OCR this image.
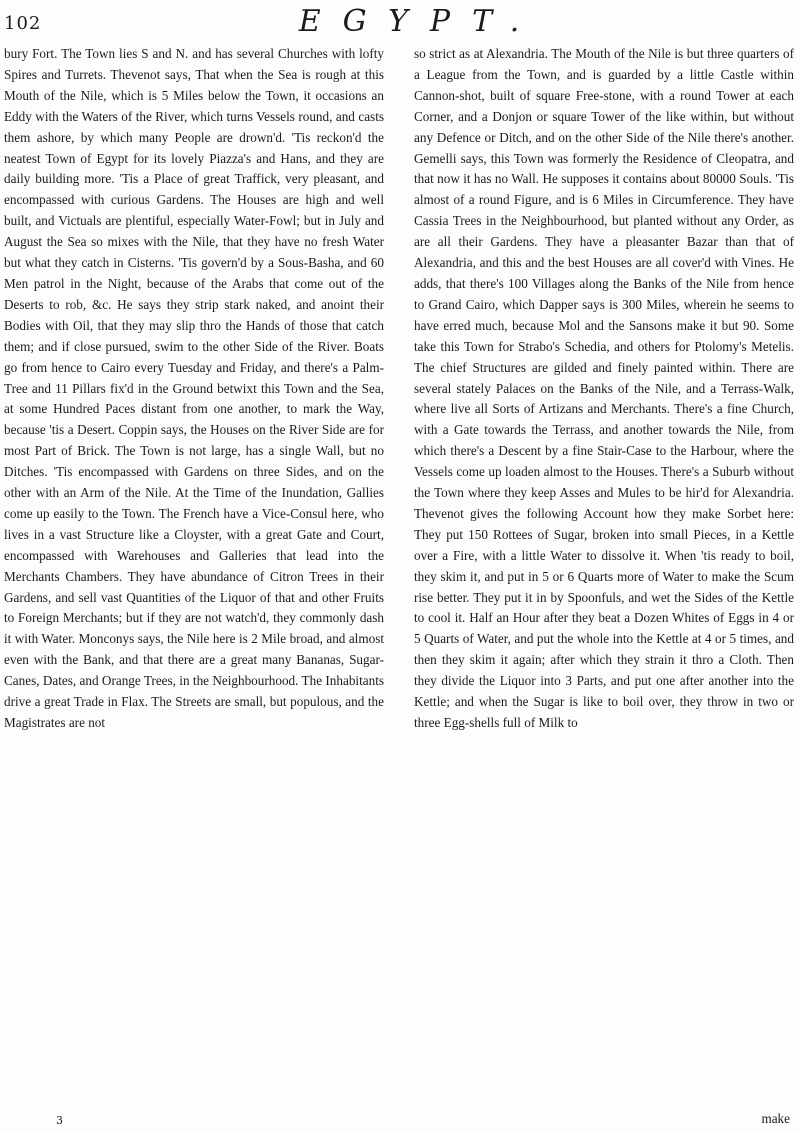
102	EGYPT.

bury Fort. The Town lies S and N. and has several Churches with lofty Spires and Turrets. Thevenot says, That when the Sea is rough at this Mouth of the Nile, which is 5 Miles below the Town, it occasions an Eddy with the Waters of the River, which turns Vessels round, and casts them ashore, by which many People are drown'd. 'Tis reckon'd the neatest Town of Egypt for its lovely Piazza's and Hans, and they are daily building more. 'Tis a Place of great Traffick, very pleasant, and encompassed with curious Gardens. The Houses are high and well built, and Victuals are plentiful, especially Water-Fowl; but in July and August the Sea so mixes with the Nile, that they have no fresh Water but what they catch in Cisterns. 'Tis govern'd by a Sous-Basha, and 60 Men patrol in the Night, because of the Arabs that come out of the Deserts to rob, &c. He says they strip stark naked, and anoint their Bodies with Oil, that they may slip thro the Hands of those that catch them; and if close pursued, swim to the other Side of the River. Boats go from hence to Cairo every Tuesday and Friday, and there's a Palm-Tree and 11 Pillars fix'd in the Ground betwixt this Town and the Sea, at some Hundred Paces distant from one another, to mark the Way, because 'tis a Desert. Coppin says, the Houses on the River Side are for most Part of Brick. The Town is not large, has a single Wall, but no Ditches. 'Tis encompassed with Gardens on three Sides, and on the other with an Arm of the Nile. At the Time of the Inundation, Gallies come up easily to the Town. The French have a Vice-Consul here, who lives in a vast Structure like a Cloyster, with a great Gate and Court, encompassed with Warehouses and Galleries that lead into the Merchants Chambers. They have abundance of Citron Trees in their Gardens, and sell vast Quantities of the Liquor of that and other Fruits to Foreign Merchants; but if they are not watch'd, they commonly dash it with Water. Monconys says, the Nile here is 2 Mile broad, and almost even with the Bank, and that there are a great many Bananas, Sugar-Canes, Dates, and Orange Trees, in the Neighbourhood. The Inhabitants drive a great Trade in Flax. The Streets are small, but populous, and the Magistrates are not

so strict as at Alexandria. The Mouth of the Nile is but three quarters of a League from the Town, and is guarded by a little Castle within Cannon-shot, built of square Free-stone, with a round Tower at each Corner, and a Donjon or square Tower of the like within, but without any Defence or Ditch, and on the other Side of the Nile there's another. Gemelli says, this Town was formerly the Residence of Cleopatra, and that now it has no Wall. He supposes it contains about 80000 Souls. 'Tis almost of a round Figure, and is 6 Miles in Circumference. They have Cassia Trees in the Neighbourhood, but planted without any Order, as are all their Gardens. They have a pleasanter Bazar than that of Alexandria, and this and the best Houses are all cover'd with Vines. He adds, that there's 100 Villages along the Banks of the Nile from hence to Grand Cairo, which Dapper says is 300 Miles, wherein he seems to have erred much, because Mol and the Sansons make it but 90. Some take this Town for Strabo's Schedia, and others for Ptolomy's Metelis. The chief Structures are gilded and finely painted within. There are several stately Palaces on the Banks of the Nile, and a Terrass-Walk, where live all Sorts of Artizans and Merchants. There's a fine Church, with a Gate towards the Terrass, and another towards the Nile, from which there's a Descent by a fine Stair-Case to the Harbour, where the Vessels come up loaden almost to the Houses. There's a Suburb without the Town where they keep Asses and Mules to be hir'd for Alexandria. Thevenot gives the following Account how they make Sorbet here: They put 150 Rottees of Sugar, broken into small Pieces, in a Kettle over a Fire, with a little Water to dissolve it. When 'tis ready to boil, they skim it, and put in 5 or 6 Quarts more of Water to make the Scum rise better. They put it in by Spoonfuls, and wet the Sides of the Kettle to cool it. Half an Hour after they beat a Dozen Whites of Eggs in 4 or 5 Quarts of Water, and put the whole into the Kettle at 4 or 5 times, and then they skim it again; after which they strain it thro a Cloth. Then they divide the Liquor into 3 Parts, and put one after another into the Kettle; and when the Sugar is like to boil over, they throw in two or three Egg-shells full of Milk to

3	make
